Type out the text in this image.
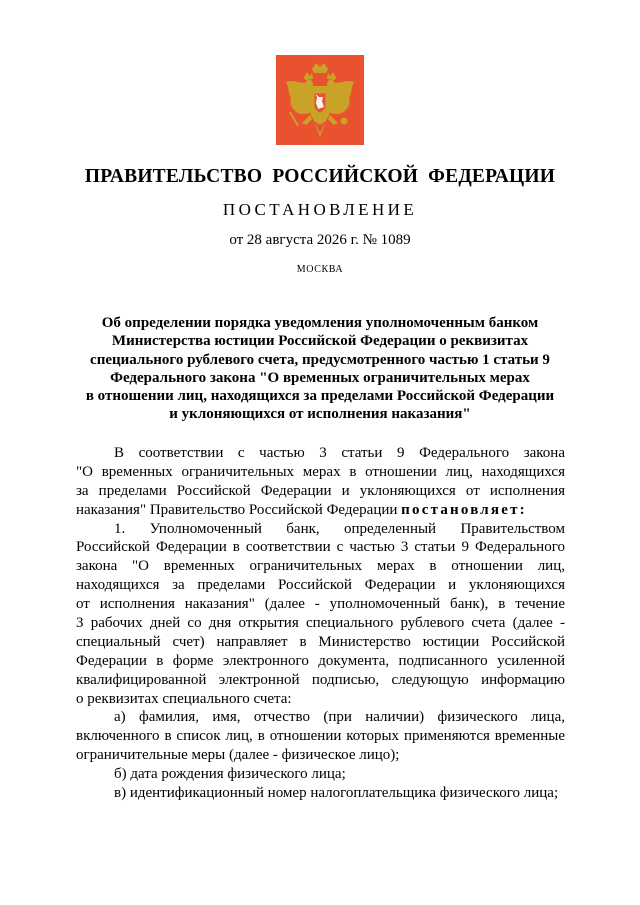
ПРАВИТЕЛЬСТВО РОССИЙСКОЙ ФЕДЕРАЦИИ
ПОСТАНОВЛЕНИЕ
от 28 августа 2026 г. № 1089
МОСКВА
Об определении порядка уведомления уполномоченным банком
Министерства юстиции Российской Федерации о реквизитах
специального рублевого счета, предусмотренного частью 1 статьи 9
Федерального закона "О временных ограничительных мерах
в отношении лиц, находящихся за пределами Российской Федерации
и уклоняющихся от исполнения наказания"
В соответствии с частью 3 статьи 9 Федерального закона
"О временных ограничительных мерах в отношении лиц, находящихся
за пределами Российской Федерации и уклоняющихся от исполнения
наказания" Правительство Российской Федерации постановляет:
1. Уполномоченный банк, определенный Правительством
Российской Федерации в соответствии с частью 3 статьи 9 Федерального
закона "О временных ограничительных мерах в отношении лиц,
находящихся за пределами Российской Федерации и уклоняющихся
от исполнения наказания" (далее - уполномоченный банк), в течение
3 рабочих дней со дня открытия специального рублевого счета (далее -
специальный счет) направляет в Министерство юстиции Российской
Федерации в форме электронного документа, подписанного усиленной
квалифицированной электронной подписью, следующую информацию
о реквизитах специального счета:
а) фамилия, имя, отчество (при наличии) физического лица,
включенного в список лиц, в отношении которых применяются временные
ограничительные меры (далее - физическое лицо);
б) дата рождения физического лица;
в) идентификационный номер налогоплательщика физического лица;
